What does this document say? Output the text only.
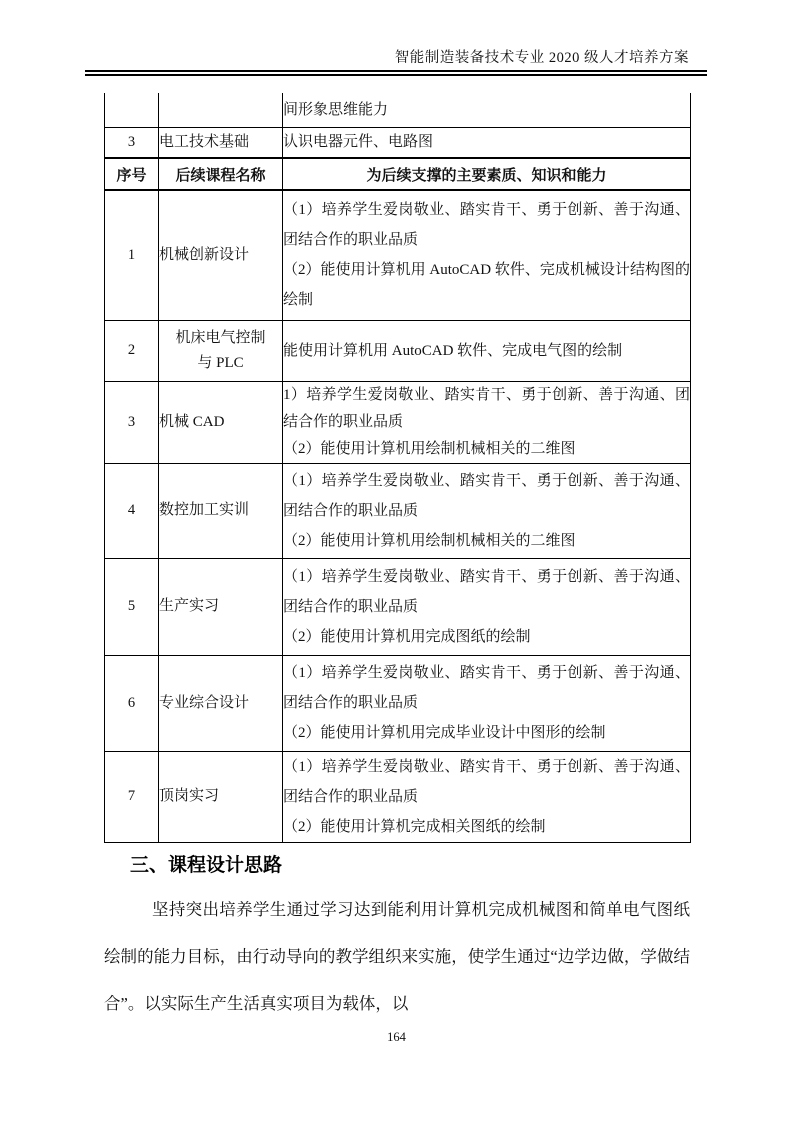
智能制造装备技术专业 2020 级人才培养方案

		间形象思维能力

3	电工技术基础	认识电器元件、电路图

序号	后续课程名称	为后续支撑的主要素质、知识和能力
1	机械创新设计	（1）培养学生爱岗敬业、踏实肯干、勇于创新、善于沟通、团结合作的职业品质
（2）能使用计算机用 AutoCAD 软件、完成机械设计结构图的绘制

2	机床电气控制
与 PLC	能使用计算机用 AutoCAD 软件、完成电气图的绘制

3	机械 CAD	1）培养学生爱岗敬业、踏实肯干、勇于创新、善于沟通、团结合作的职业品质
（2）能使用计算机用绘制机械相关的二维图

4	数控加工实训	（1）培养学生爱岗敬业、踏实肯干、勇于创新、善于沟通、团结合作的职业品质
（2）能使用计算机用绘制机械相关的二维图

5	生产实习	（1）培养学生爱岗敬业、踏实肯干、勇于创新、善于沟通、团结合作的职业品质
（2）能使用计算机用完成图纸的绘制

6	专业综合设计	（1）培养学生爱岗敬业、踏实肯干、勇于创新、善于沟通、团结合作的职业品质
（2）能使用计算机用完成毕业设计中图形的绘制

7	顶岗实习	（1）培养学生爱岗敬业、踏实肯干、勇于创新、善于沟通、团结合作的职业品质
（2）能使用计算机完成相关图纸的绘制
三、课程设计思路

坚持突出培养学生通过学习达到能利用计算机完成机械图和简单电气图纸绘制的能力目标，由行动导向的教学组织来实施，使学生通过“边学边做，学做结合”。以实际生产生活真实项目为载体，以

164
